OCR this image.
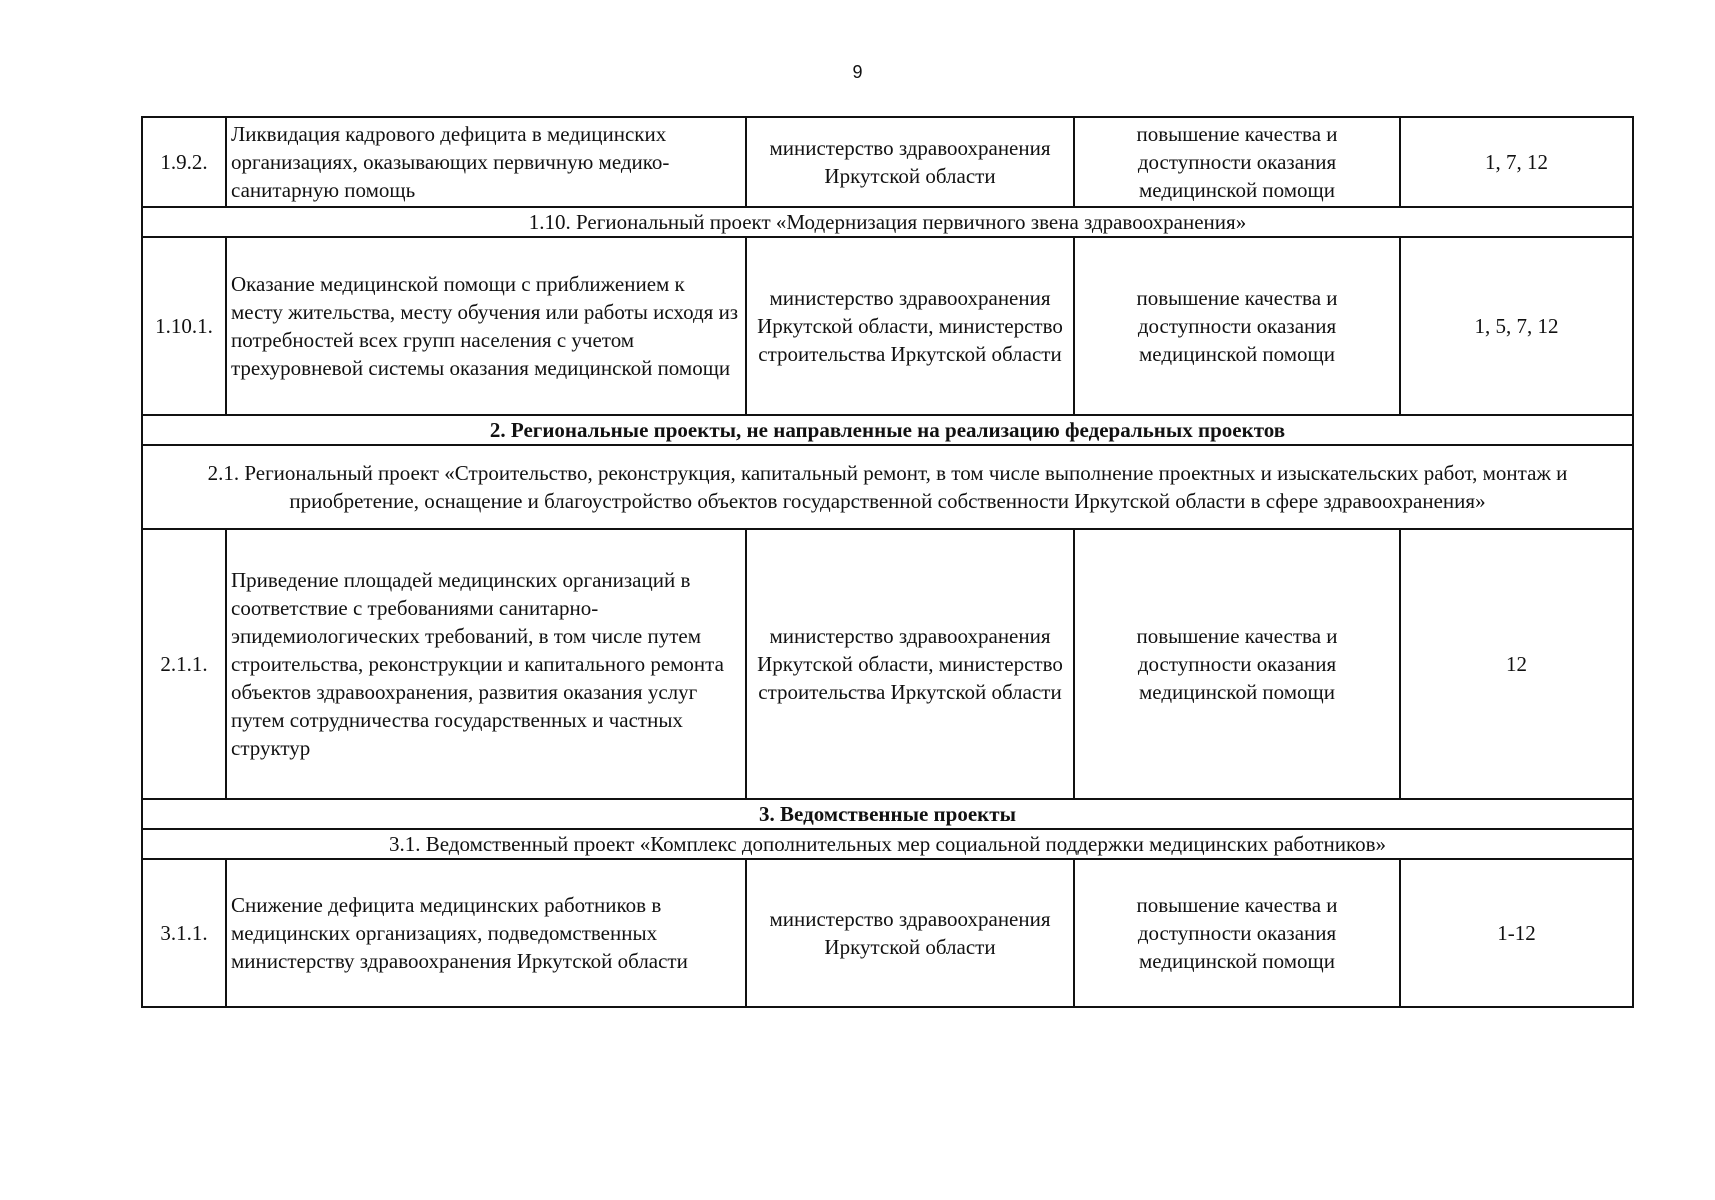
9
1.9.2.	Ликвидация кадрового дефицита в медицинских организациях, оказывающих первичную медико-санитарную помощь	министерство здравоохранения Иркутской области	повышение качества и доступности оказания медицинской помощи	1, 7, 12
1.10. Региональный проект «Модернизация первичного звена здравоохранения»				
1.10.1.	Оказание медицинской помощи с приближением к месту жительства, месту обучения или работы исходя из потребностей всех групп населения с учетом трехуровневой системы оказания медицинской помощи	министерство здравоохранения Иркутской области, министерство строительства Иркутской области	повышение качества и доступности оказания медицинской помощи	1, 5, 7, 12
2. Региональные проекты, не направленные на реализацию федеральных проектов				
2.1. Региональный проект «Строительство, реконструкция, капитальный ремонт, в том числе выполнение проектных и изыскательских работ, монтаж и приобретение, оснащение и благоустройство объектов государственной собственности Иркутской области в сфере здравоохранения»				
2.1.1.	Приведение площадей медицинских организаций в соответствие с требованиями санитарно-эпидемиологических требований, в том числе путем строительства, реконструкции и капитального ремонта объектов здравоохранения, развития оказания услуг путем сотрудничества государственных и частных структур	министерство здравоохранения Иркутской области, министерство строительства Иркутской области	повышение качества и доступности оказания медицинской помощи	12
3. Ведомственные проекты				
3.1. Ведомственный проект «Комплекс дополнительных мер социальной поддержки медицинских работников»				
3.1.1.	Снижение дефицита медицинских работников в медицинских организациях, подведомственных министерству здравоохранения Иркутской области	министерство здравоохранения Иркутской области	повышение качества и доступности оказания медицинской помощи	1-12
